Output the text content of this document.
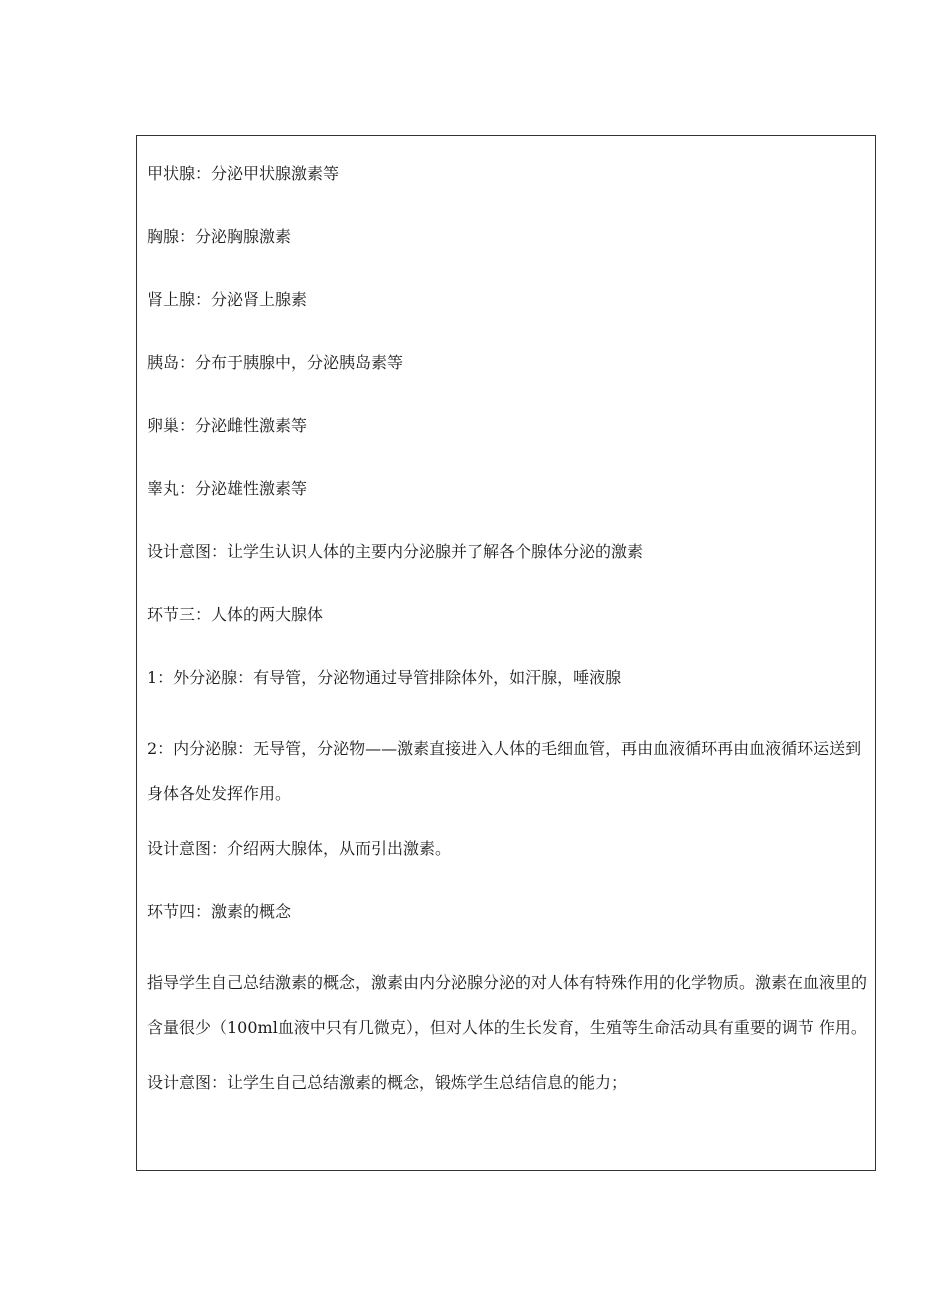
甲状腺：分泌甲状腺激素等

胸腺：分泌胸腺激素

肾上腺：分泌肾上腺素

胰岛：分布于胰腺中，分泌胰岛素等

卵巢：分泌雌性激素等

睾丸：分泌雄性激素等

设计意图：让学生认识人体的主要内分泌腺并了解各个腺体分泌的激素

环节三：人体的两大腺体

1：外分泌腺：有导管，分泌物通过导管排除体外，如汗腺，唾液腺

2：内分泌腺：无导管，分泌物——激素直接进入人体的毛细血管，再由血液循环再由血液循环运送到身体各处发挥作用。

设计意图：介绍两大腺体，从而引出激素。

环节四：激素的概念

指导学生自己总结激素的概念，激素由内分泌腺分泌的对人体有特殊作用的化学物质。激素在血液里的含量很少（100ml血液中只有几微克），但对人体的生长发育，生殖等生命活动具有重要的调节 作用。

设计意图：让学生自己总结激素的概念，锻炼学生总结信息的能力；
